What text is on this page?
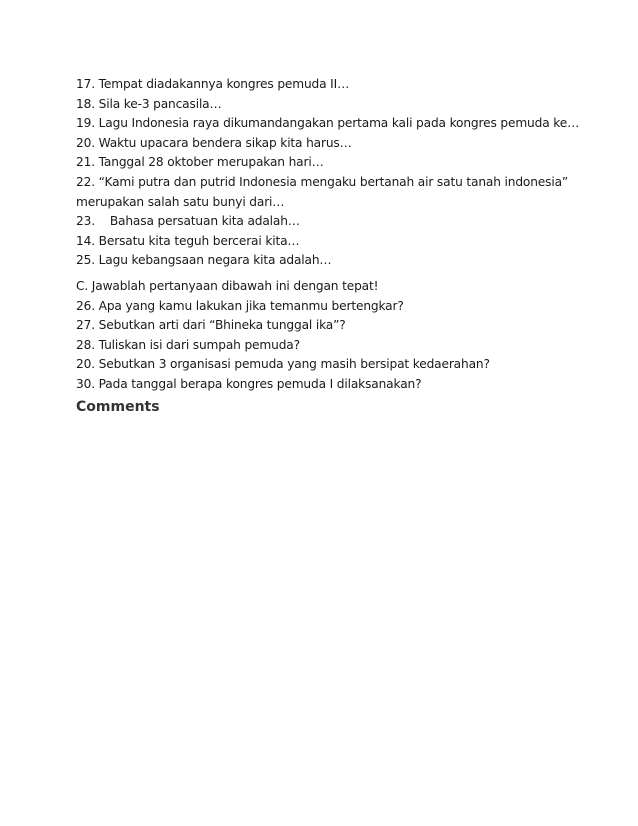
17. Tempat diadakannya kongres pemuda II…
18. Sila ke-3 pancasila…
19. Lagu Indonesia raya dikumandangakan pertama kali pada kongres pemuda ke…
20. Waktu upacara bendera sikap kita harus…
21. Tanggal 28 oktober merupakan hari…
22. “Kami putra dan putrid Indonesia mengaku bertanah air satu tanah indonesia”
merupakan salah satu bunyi dari…
23.    Bahasa persatuan kita adalah…
14. Bersatu kita teguh bercerai kita…
25. Lagu kebangsaan negara kita adalah…
C. Jawablah pertanyaan dibawah ini dengan tepat!
26. Apa yang kamu lakukan jika temanmu bertengkar?
27. Sebutkan arti dari “Bhineka tunggal ika”?
28. Tuliskan isi dari sumpah pemuda?
20. Sebutkan 3 organisasi pemuda yang masih bersipat kedaerahan?
30. Pada tanggal berapa kongres pemuda I dilaksanakan?
Comments
